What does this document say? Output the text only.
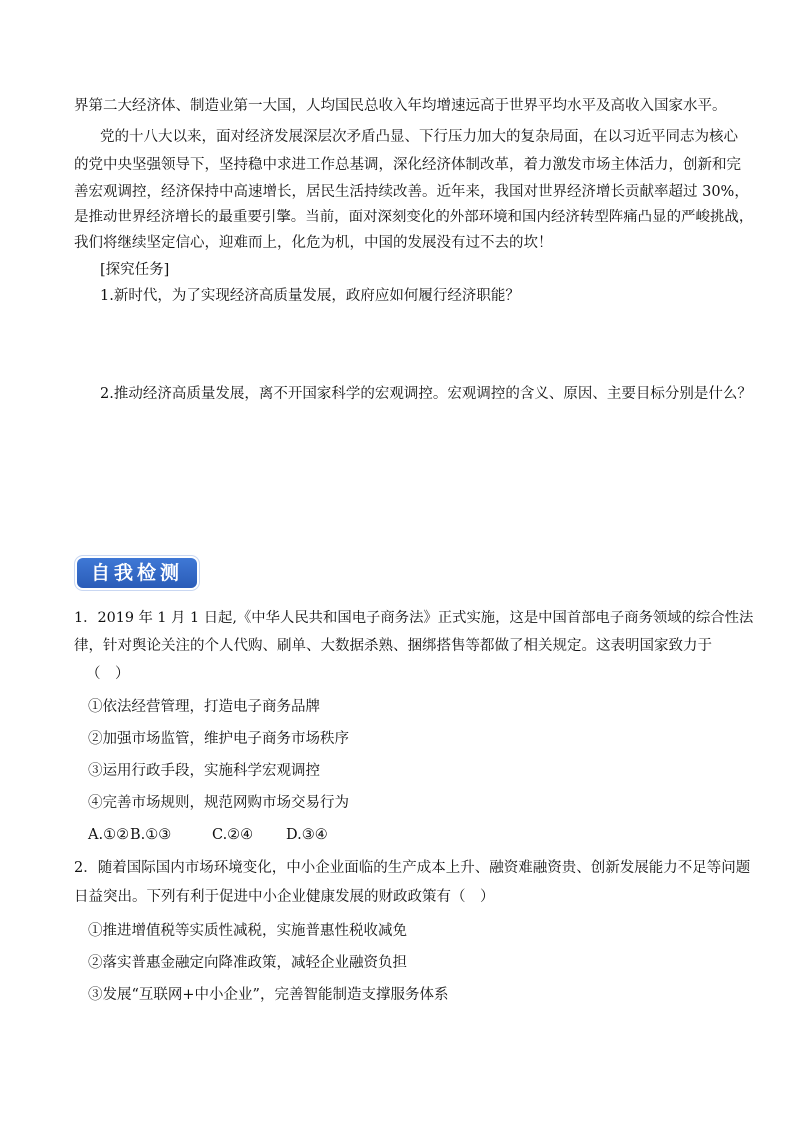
界第二大经济体、制造业第一大国，人均国民总收入年均增速远高于世界平均水平及高收入国家水平。
党的十八大以来，面对经济发展深层次矛盾凸显、下行压力加大的复杂局面，在以习近平同志为核心
的党中央坚强领导下，坚持稳中求进工作总基调，深化经济体制改革，着力激发市场主体活力，创新和完
善宏观调控，经济保持中高速增长，居民生活持续改善。近年来，我国对世界经济增长贡献率超过 30%，
是推动世界经济增长的最重要引擎。当前，面对深刻变化的外部环境和国内经济转型阵痛凸显的严峻挑战，
我们将继续坚定信心，迎难而上，化危为机，中国的发展没有过不去的坎！
[探究任务]
1.新时代，为了实现经济高质量发展，政府应如何履行经济职能？
2.推动经济高质量发展，离不开国家科学的宏观调控。宏观调控的含义、原因、主要目标分别是什么？
自我检测
1．2019 年 1 月 1 日起,《中华人民共和国电子商务法》正式实施，这是中国首部电子商务领域的综合性法
律，针对舆论关注的个人代购、刷单、大数据杀熟、捆绑搭售等都做了相关规定。这表明国家致力于
（　）
①依法经营管理，打造电子商务品牌
②加强市场监管，维护电子商务市场秩序
③运用行政手段，实施科学宏观调控
④完善市场规则，规范网购市场交易行为
A.①② B.①③	C.②④ D.③④
2．随着国际国内市场环境变化，中小企业面临的生产成本上升、融资难融资贵、创新发展能力不足等问题
日益突出。下列有利于促进中小企业健康发展的财政政策有（　）
①推进增值税等实质性减税，实施普惠性税收减免
②落实普惠金融定向降准政策，减轻企业融资负担
③发展“互联网+中小企业”，完善智能制造支撑服务体系
